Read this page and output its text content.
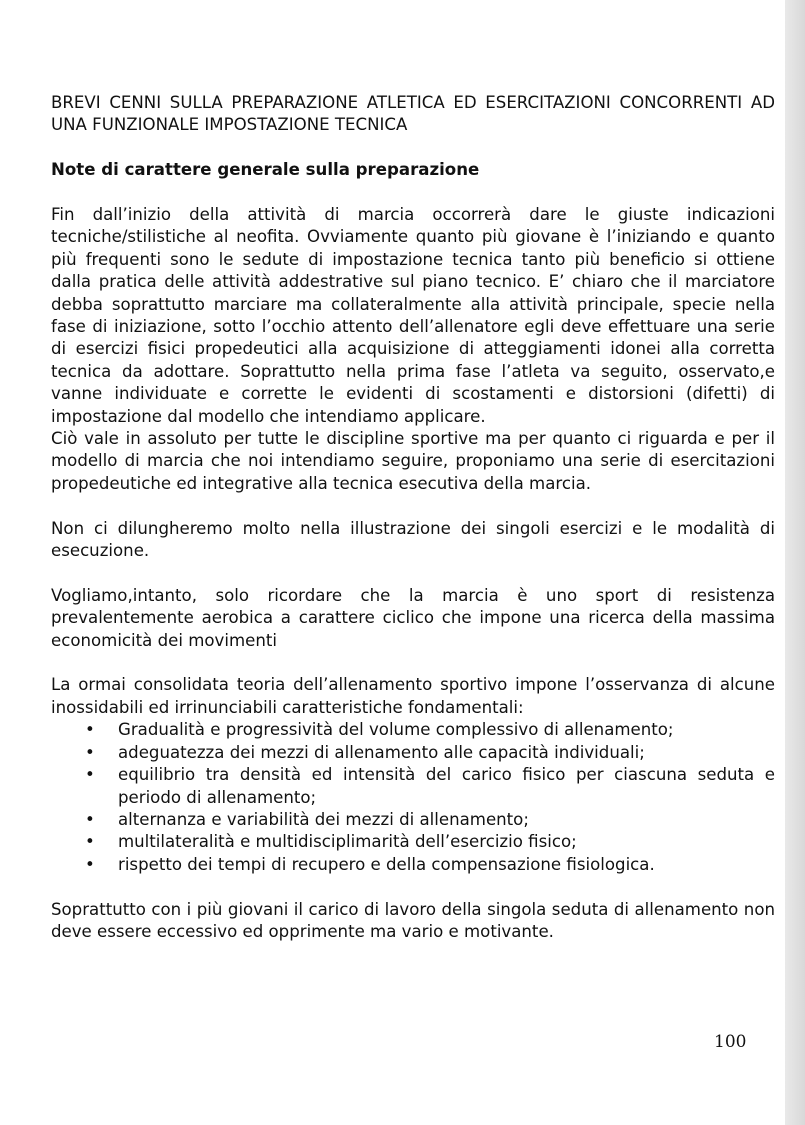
BREVI CENNI SULLA PREPARAZIONE ATLETICA ED ESERCITAZIONI CONCORRENTI AD UNA FUNZIONALE IMPOSTAZIONE TECNICA

Note di carattere generale sulla preparazione

Fin dall’inizio della attività di marcia occorrerà dare le giuste indicazioni tecniche/stilistiche al neofita. Ovviamente quanto più giovane è l’iniziando e quanto più frequenti sono le sedute di impostazione tecnica tanto più beneficio si ottiene dalla pratica delle attività addestrative sul piano tecnico. E’ chiaro che il marciatore debba soprattutto marciare ma collateralmente alla attività principale, specie nella fase di iniziazione, sotto l’occhio attento dell’allenatore egli deve effettuare una serie di esercizi fisici propedeutici alla acquisizione di atteggiamenti idonei alla corretta tecnica da adottare. Soprattutto nella prima fase l’atleta va seguito, osservato,e vanne individuate e corrette le evidenti di scostamenti e distorsioni (difetti) di impostazione dal modello che intendiamo applicare.

Ciò vale in assoluto per tutte le discipline sportive ma per quanto ci riguarda e per il modello di marcia che noi intendiamo seguire, proponiamo una serie di esercitazioni propedeutiche ed integrative alla tecnica esecutiva della marcia.

Non ci dilungheremo molto nella illustrazione dei singoli esercizi e le modalità di esecuzione.

Vogliamo,intanto, solo ricordare che la marcia è uno sport di resistenza prevalentemente aerobica a carattere ciclico che impone una ricerca della massima economicità dei movimenti

La ormai consolidata teoria dell’allenamento sportivo impone l’osservanza di alcune inossidabili ed irrinunciabili caratteristiche fondamentali:

• Gradualità e progressività del volume complessivo di allenamento;
• adeguatezza dei mezzi di allenamento alle capacità individuali;
• equilibrio tra densità ed intensità del carico fisico per ciascuna seduta e periodo di allenamento;
• alternanza e variabilità dei mezzi di allenamento;
• multilateralità e multidisciplimarità dell’esercizio fisico;
• rispetto dei tempi di recupero e della compensazione fisiologica.

Soprattutto con i più giovani il carico di lavoro della singola seduta di allenamento non deve essere eccessivo ed opprimente ma vario e motivante.

100
